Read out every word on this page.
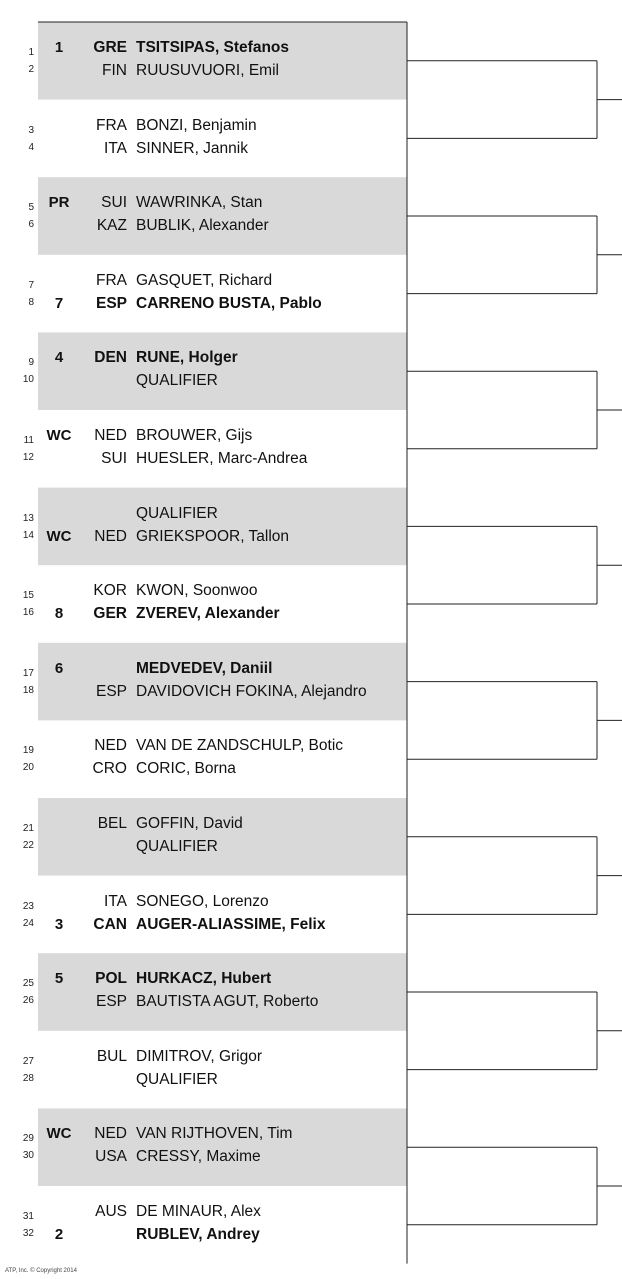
1	1	GRE TSITSIPAS, Stefanos
2	FIN RUUSUVUORI, Emil
3	FRA BONZI, Benjamin
4	ITA SINNER, Jannik
5 PR	SUI WAWRINKA, Stan
6	KAZ BUBLIK, Alexander
7	FRA GASQUET, Richard
8	7	ESP CARRENO BUSTA, Pablo
9	4	DEN RUNE, Holger
10	QUALIFIER
11 WC	NED BROUWER, Gijs
12	SUI HUESLER, Marc-Andrea
13	QUALIFIER
14 WC	NED GRIEKSPOOR, Tallon
15	KOR KWON, Soonwoo
16	8	GER ZVEREV, Alexander
17	6	MEDVEDEV, Daniil
18	ESP DAVIDOVICH FOKINA, Alejandro
19	NED VAN DE ZANDSCHULP, Botic
20	CRO CORIC, Borna
21	BEL GOFFIN, David
22	QUALIFIER
23	ITA SONEGO, Lorenzo
24	3	CAN AUGER-ALIASSIME, Felix
25	5	POL HURKACZ, Hubert
26	ESP BAUTISTA AGUT, Roberto
27	BUL DIMITROV, Grigor
28	QUALIFIER
29 WC	NED VAN RIJTHOVEN, Tim
30	USA CRESSY, Maxime
31	AUS DE MINAUR, Alex
32	2	RUBLEV, Andrey
ATP, Inc. © Copyright 2014
